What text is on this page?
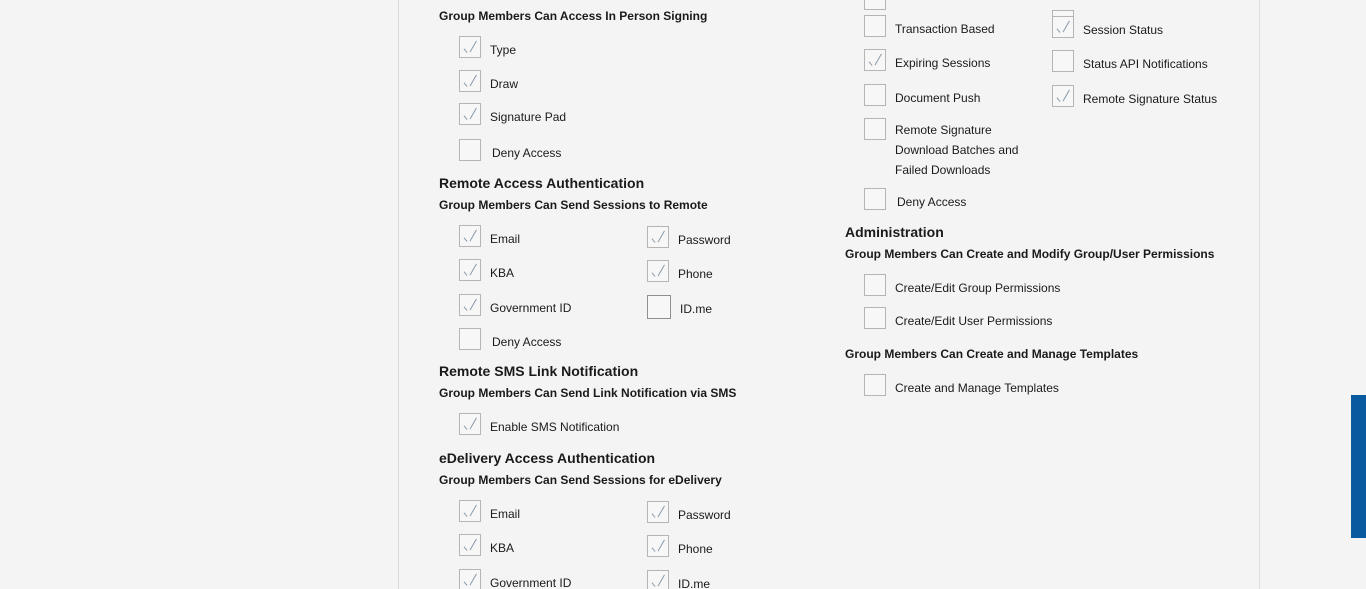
Group Members Can Access In Person Signing
Type
Draw
Signature Pad
Deny Access
Remote Access Authentication
Group Members Can Send Sessions to Remote
Email	Password
KBA	Phone
Government ID	ID.me
Deny Access
Remote SMS Link Notification
Group Members Can Send Link Notification via SMS
Enable SMS Notification
eDelivery Access Authentication
Group Members Can Send Sessions for eDelivery
Email	Password
KBA	Phone
Government ID	ID.me
Transaction Based	Session Status
Expiring Sessions	Status API Notifications
Document Push	Remote Signature Status
Remote Signature Download Batches and Failed Downloads
Deny Access
Administration
Group Members Can Create and Modify Group/User Permissions
Create/Edit Group Permissions
Create/Edit User Permissions
Group Members Can Create and Manage Templates
Create and Manage Templates
